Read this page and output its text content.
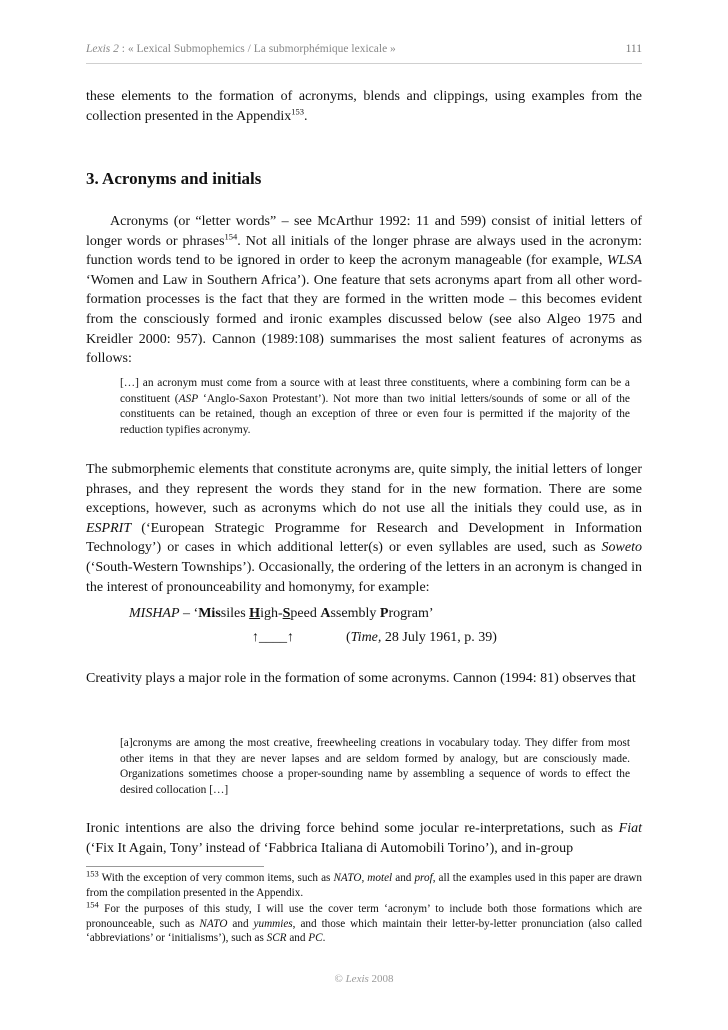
Lexis 2 : « Lexical Submophemics / La submorphémique lexicale »	111

these elements to the formation of acronyms, blends and clippings, using examples from the collection presented in the Appendix$^{153}$.

3. Acronyms and initials

Acronyms (or “letter words” – see McArthur 1992: 11 and 599) consist of initial letters of longer words or phrases$^{154}$. Not all initials of the longer phrase are always used in the acronym: function words tend to be ignored in order to keep the acronym manageable (for example, WLSA ‘Women and Law in Southern Africa’). One feature that sets acronyms apart from all other word-formation processes is the fact that they are formed in the written mode – this becomes evident from the consciously formed and ironic examples discussed below (see also Algeo 1975 and Kreidler 2000: 957). Cannon (1989:108) summarises the most salient features of acronyms as follows:

[…] an acronym must come from a source with at least three constituents, where a combining form can be a constituent (ASP ‘Anglo-Saxon Protestant’). Not more than two initial letters/sounds of some or all of the constituents can be retained, though an exception of three or even four is permitted if the majority of the reduction typifies acronymy.

The submorphemic elements that constitute acronyms are, quite simply, the initial letters of longer phrases, and they represent the words they stand for in the new formation. There are some exceptions, however, such as acronyms which do not use all the initials they could use, as in ESPRIT (‘European Strategic Programme for Research and Development in Information Technology’) or cases in which additional letter(s) or even syllables are used, such as Soweto (‘South-Western Townships’). Occasionally, the ordering of the letters in an acronym is changed in the interest of pronounceability and homonymy, for example:

MISHAP – ‘Missiles High-Speed Assembly Program’
↑____↑	(Time, 28 July 1961, p. 39)

Creativity plays a major role in the formation of some acronyms. Cannon (1994: 81) observes that

[a]cronyms are among the most creative, freewheeling creations in vocabulary today. They differ from most other items in that they are never lapses and are seldom formed by analogy, but are consciously made. Organizations sometimes choose a proper-sounding name by assembling a sequence of words to effect the desired collocation […]

Ironic intentions are also the driving force behind some jocular re-interpretations, such as Fiat (‘Fix It Again, Tony’ instead of ‘Fabbrica Italiana di Automobili Torino’), and in-group

$^{153}$ With the exception of very common items, such as NATO, motel and prof, all the examples used in this paper are drawn from the compilation presented in the Appendix.

$^{154}$ For the purposes of this study, I will use the cover term ‘acronym’ to include both those formations which are pronounceable, such as NATO and yummies, and those which maintain their letter-by-letter pronunciation (also called ‘abbreviations’ or ‘initialisms’), such as SCR and PC.

© Lexis 2008
